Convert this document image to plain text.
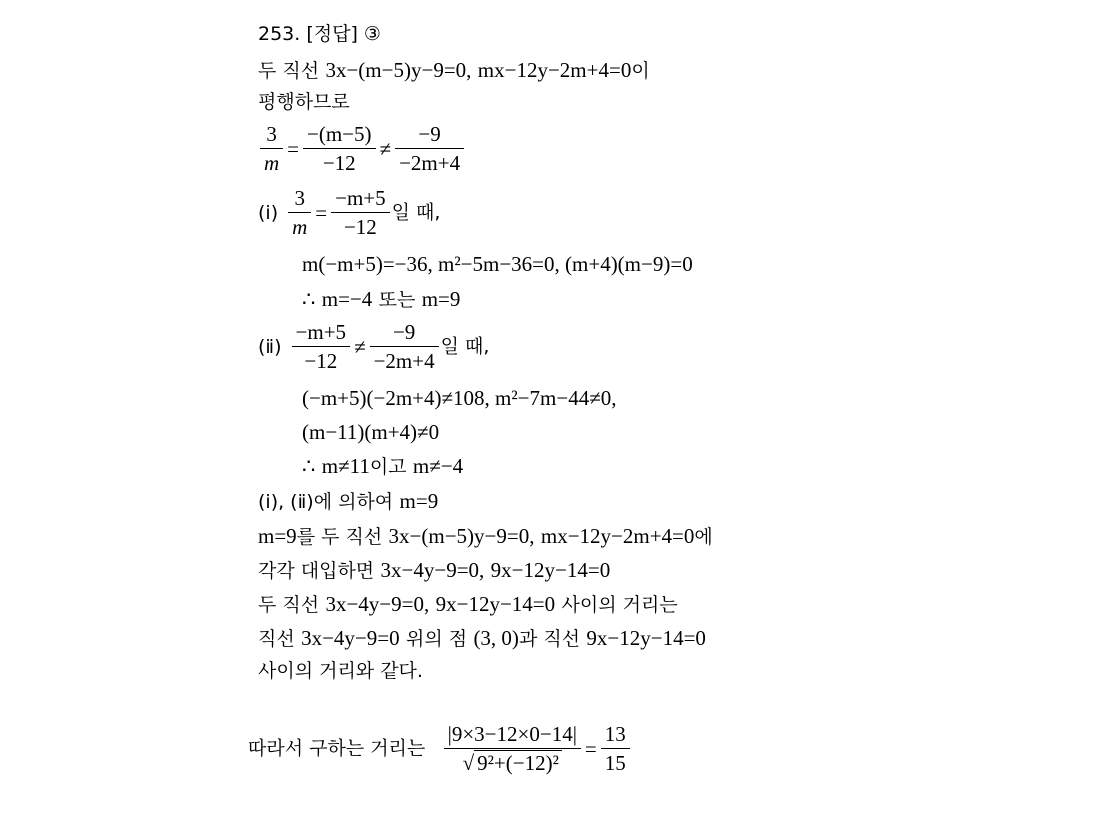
253. [정답] ③
두 직선 3x−(m−5)y−9=0, mx−12y−2m+4=0이
평행하므로
$\frac{3}{m} = \frac{-(m-5)}{-12} \ne \frac{-9}{-2m+4}$
(ⅰ) $\frac{3}{m} = \frac{-m+5}{-12}$ 일 때,
m(−m+5)=−36, m²−5m−36=0, (m+4)(m−9)=0
∴ m=−4 또는 m=9
(ⅱ) $\frac{-m+5}{-12} \ne \frac{-9}{-2m+4}$ 일 때,
(−m+5)(−2m+4)≠108, m²−7m−44≠0,
(m−11)(m+4)≠0
∴ m≠11이고 m≠−4
(ⅰ), (ⅱ)에 의하여 m=9
m=9를 두 직선 3x−(m−5)y−9=0, mx−12y−2m+4=0에
각각 대입하면 3x−4y−9=0, 9x−12y−14=0
두 직선 3x−4y−9=0, 9x−12y−14=0 사이의 거리는
직선 3x−4y−9=0 위의 점 (3, 0)과 직선 9x−12y−14=0
사이의 거리와 같다.
따라서 구하는 거리는 $\frac{|9\times 3-12\times 0-14|}{\text{√ 9²+(−12)²}} = \frac{13}{15}$
